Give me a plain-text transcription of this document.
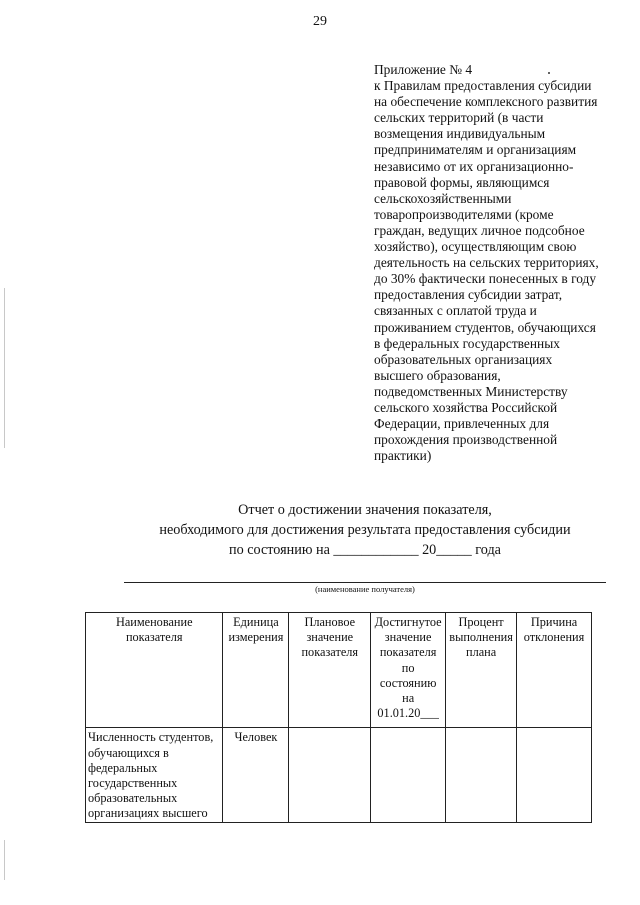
29
Приложение № 4
к Правилам предоставления субсидии
на обеспечение комплексного развития
сельских территорий (в части
возмещения индивидуальным
предпринимателям и организациям
независимо от их организационно-
правовой формы, являющимся
сельскохозяйственными
товаропроизводителями (кроме
граждан, ведущих личное подсобное
хозяйство), осуществляющим свою
деятельность на сельских территориях,
до 30% фактически понесенных в году
предоставления субсидии затрат,
связанных с оплатой труда и
проживанием студентов, обучающихся
в федеральных государственных
образовательных организациях
высшего образования,
подведомственных Министерству
сельского хозяйства Российской
Федерации, привлеченных для
прохождения производственной
практики)
Отчет о достижении значения показателя,
необходимого для достижения результата предоставления субсидии
по состоянию на ____________ 20_____ года
(наименование получателя)
Наименование показателя	Единица измерения	Плановое значение показателя	Достигнутое значение показателя по состоянию на 01.01.20___	Процент выполнения плана	Причина отклонения
Численность студентов, обучающихся в федеральных государственных образовательных организациях высшего	Человек				
